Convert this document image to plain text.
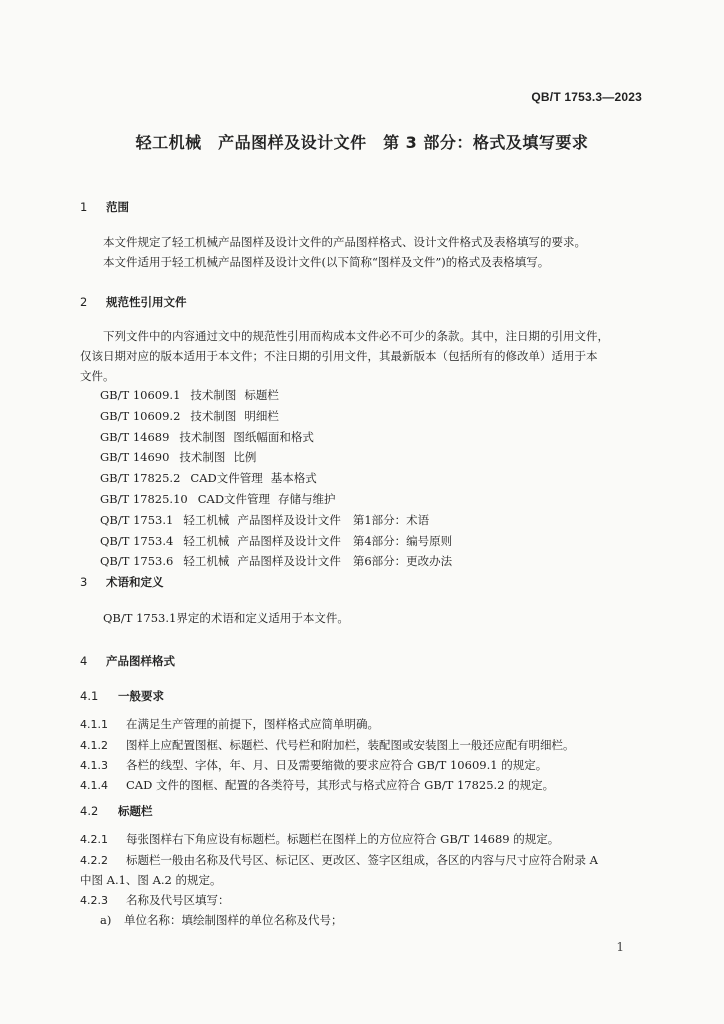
QB/T 1753.3—2023
轻工机械　产品图样及设计文件　第 3 部分：格式及填写要求
1 范围
本文件规定了轻工机械产品图样及设计文件的产品图样格式、设计文件格式及表格填写的要求。
本文件适用于轻工机械产品图样及设计文件(以下简称“图样及文件”)的格式及表格填写。
2 规范性引用文件
下列文件中的内容通过文中的规范性引用而构成本文件必不可少的条款。其中，注日期的引用文件，
仅该日期对应的版本适用于本文件；不注日期的引用文件，其最新版本（包括所有的修改单）适用于本
文件。
GB/T 10609.1 技术制图 标题栏
GB/T 10609.2 技术制图 明细栏
GB/T 14689 技术制图 图纸幅面和格式
GB/T 14690 技术制图 比例
GB/T 17825.2 CAD文件管理 基本格式
GB/T 17825.10 CAD文件管理 存储与维护
QB/T 1753.1 轻工机械 产品图样及设计文件 第1部分：术语
QB/T 1753.4 轻工机械 产品图样及设计文件 第4部分：编号原则
QB/T 1753.6 轻工机械 产品图样及设计文件 第6部分：更改办法
3 术语和定义
QB/T 1753.1界定的术语和定义适用于本文件。
4 产品图样格式
4.1 一般要求
4.1.1 在满足生产管理的前提下，图样格式应简单明确。
4.1.2 图样上应配置图框、标题栏、代号栏和附加栏，装配图或安装图上一般还应配有明细栏。
4.1.3 各栏的线型、字体，年、月、日及需要缩微的要求应符合 GB/T 10609.1 的规定。
4.1.4 CAD 文件的图框、配置的各类符号，其形式与格式应符合 GB/T 17825.2 的规定。
4.2 标题栏
4.2.1 每张图样右下角应设有标题栏。标题栏在图样上的方位应符合 GB/T 14689 的规定。
4.2.2 标题栏一般由名称及代号区、标记区、更改区、签字区组成，各区的内容与尺寸应符合附录 A
中图 A.1、图 A.2 的规定。
4.2.3 名称及代号区填写：
a) 单位名称：填绘制图样的单位名称及代号；
1
